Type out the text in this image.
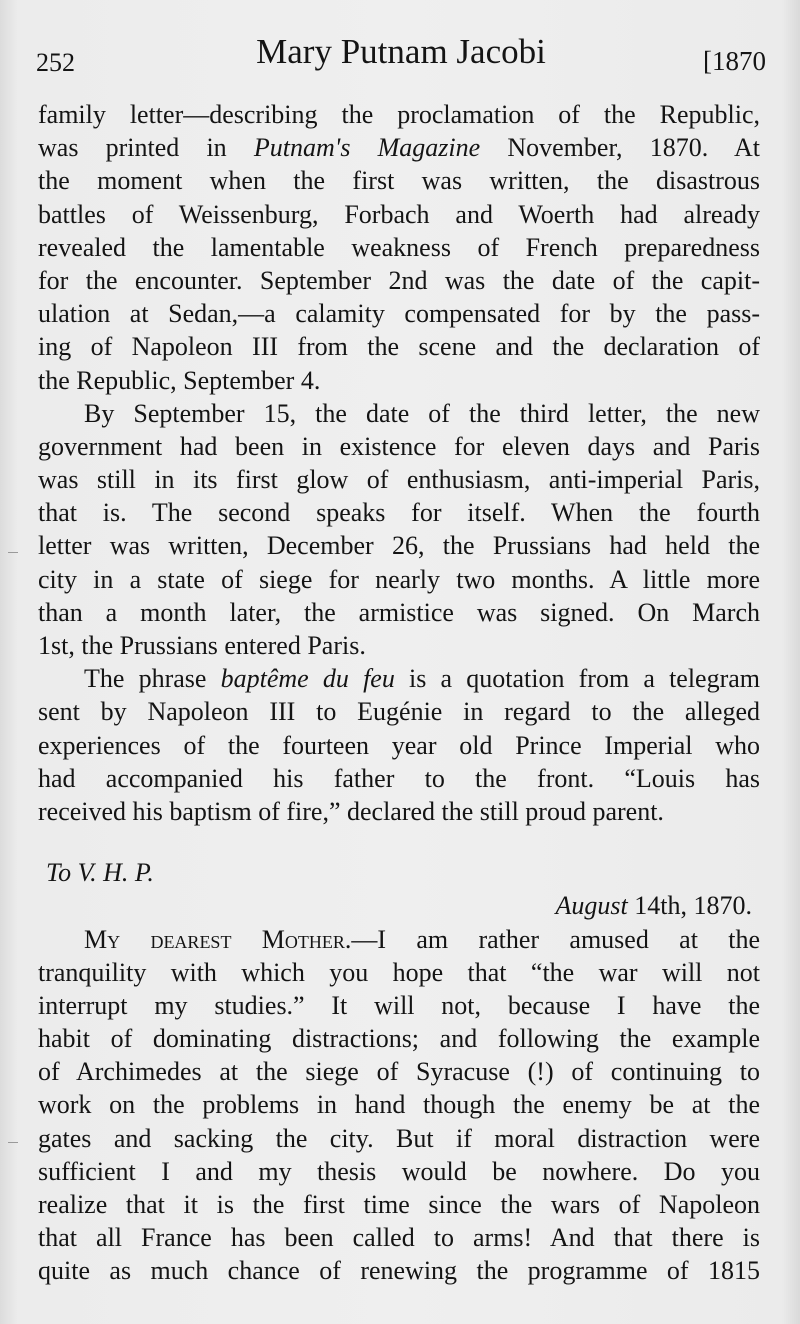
252	Mary Putnam Jacobi	[1870
family letter—describing the proclamation of the Republic,
was printed in Putnam's Magazine November, 1870. At
the moment when the first was written, the disastrous
battles of Weissenburg, Forbach and Woerth had already
revealed the lamentable weakness of French preparedness
for the encounter. September 2nd was the date of the capit-
ulation at Sedan,—a calamity compensated for by the pass-
ing of Napoleon III from the scene and the declaration of
the Republic, September 4.
By September 15, the date of the third letter, the new
government had been in existence for eleven days and Paris
was still in its first glow of enthusiasm, anti-imperial Paris,
that is. The second speaks for itself. When the fourth
letter was written, December 26, the Prussians had held the
city in a state of siege for nearly two months. A little more
than a month later, the armistice was signed. On March
1st, the Prussians entered Paris.
The phrase baptême du feu is a quotation from a telegram
sent by Napoleon III to Eugénie in regard to the alleged
experiences of the fourteen year old Prince Imperial who
had accompanied his father to the front. “Louis has
received his baptism of fire,” declared the still proud parent.
To V. H. P.
August 14th, 1870.
My dearest Mother.—I am rather amused at the
tranquility with which you hope that “the war will not
interrupt my studies.” It will not, because I have the
habit of dominating distractions; and following the example
of Archimedes at the siege of Syracuse (!) of continuing to
work on the problems in hand though the enemy be at the
gates and sacking the city. But if moral distraction were
sufficient I and my thesis would be nowhere. Do you
realize that it is the first time since the wars of Napoleon
that all France has been called to arms! And that there is
quite as much chance of renewing the programme of 1815
